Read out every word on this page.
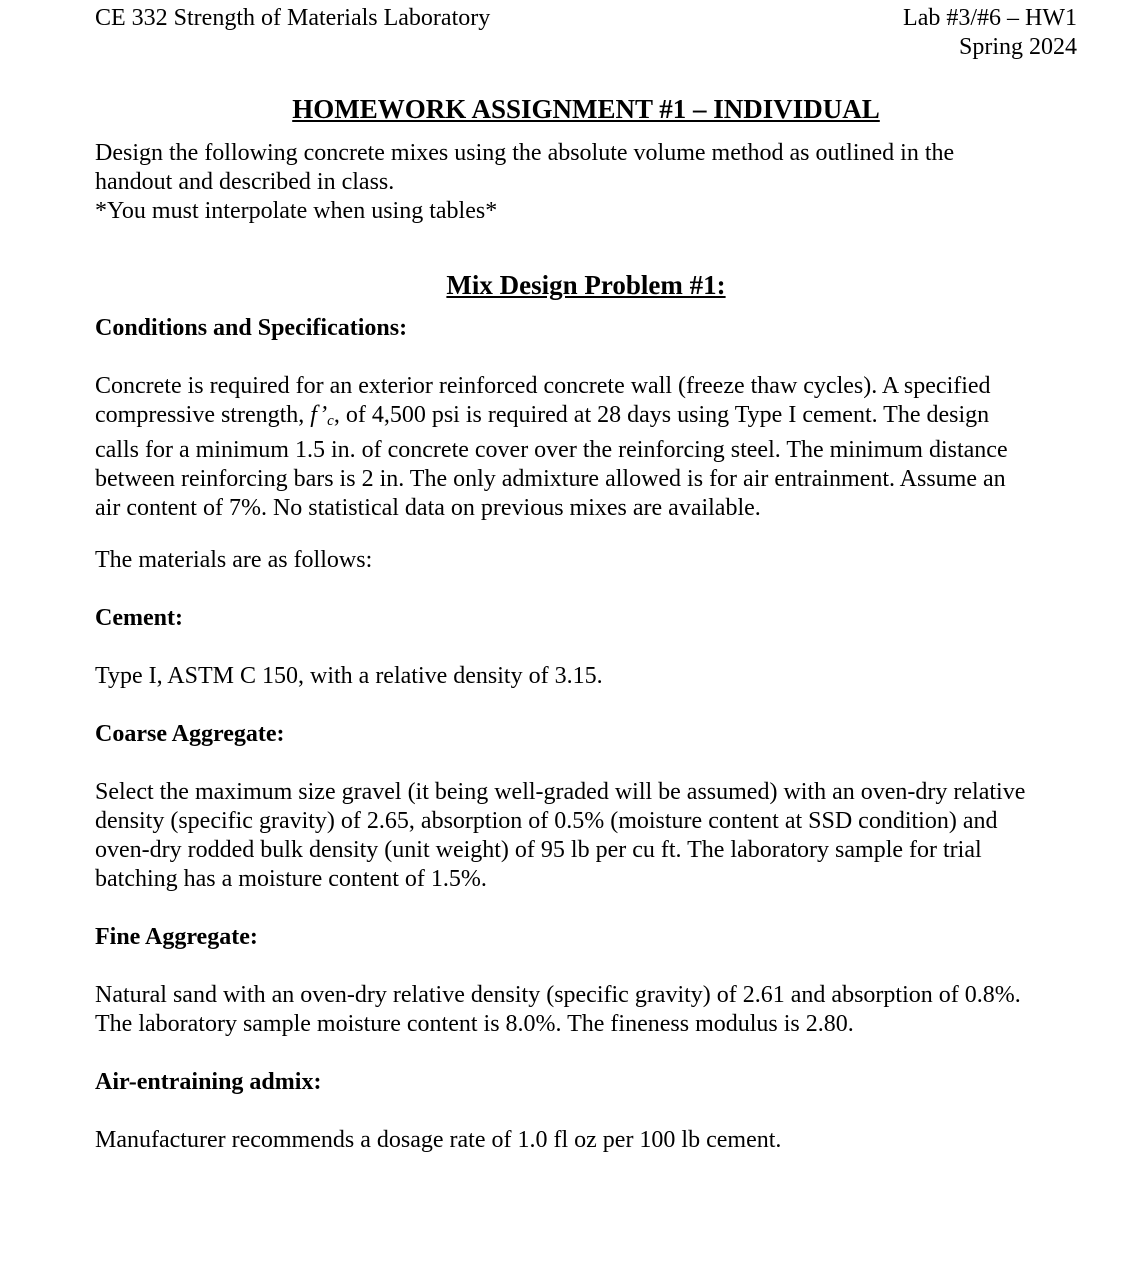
CE 332 Strength of Materials Laboratory	Lab #3/#6 – HW1
Spring 2024
HOMEWORK ASSIGNMENT #1 – INDIVIDUAL
Design the following concrete mixes using the absolute volume method as outlined in the
handout and described in class.
*You must interpolate when using tables*
Mix Design Problem #1:
Conditions and Specifications:
Concrete is required for an exterior reinforced concrete wall (freeze thaw cycles). A specified
compressive strength, $f’_c$, of 4,500 psi is required at 28 days using Type I cement. The design
calls for a minimum 1.5 in. of concrete cover over the reinforcing steel. The minimum distance
between reinforcing bars is 2 in. The only admixture allowed is for air entrainment. Assume an
air content of 7%. No statistical data on previous mixes are available.
The materials are as follows:
Cement:
Type I, ASTM C 150, with a relative density of 3.15.
Coarse Aggregate:
Select the maximum size gravel (it being well-graded will be assumed) with an oven-dry relative
density (specific gravity) of 2.65, absorption of 0.5% (moisture content at SSD condition) and
oven-dry rodded bulk density (unit weight) of 95 lb per cu ft. The laboratory sample for trial
batching has a moisture content of 1.5%.
Fine Aggregate:
Natural sand with an oven-dry relative density (specific gravity) of 2.61 and absorption of 0.8%.
The laboratory sample moisture content is 8.0%. The fineness modulus is 2.80.
Air-entraining admix:
Manufacturer recommends a dosage rate of 1.0 fl oz per 100 lb cement.
